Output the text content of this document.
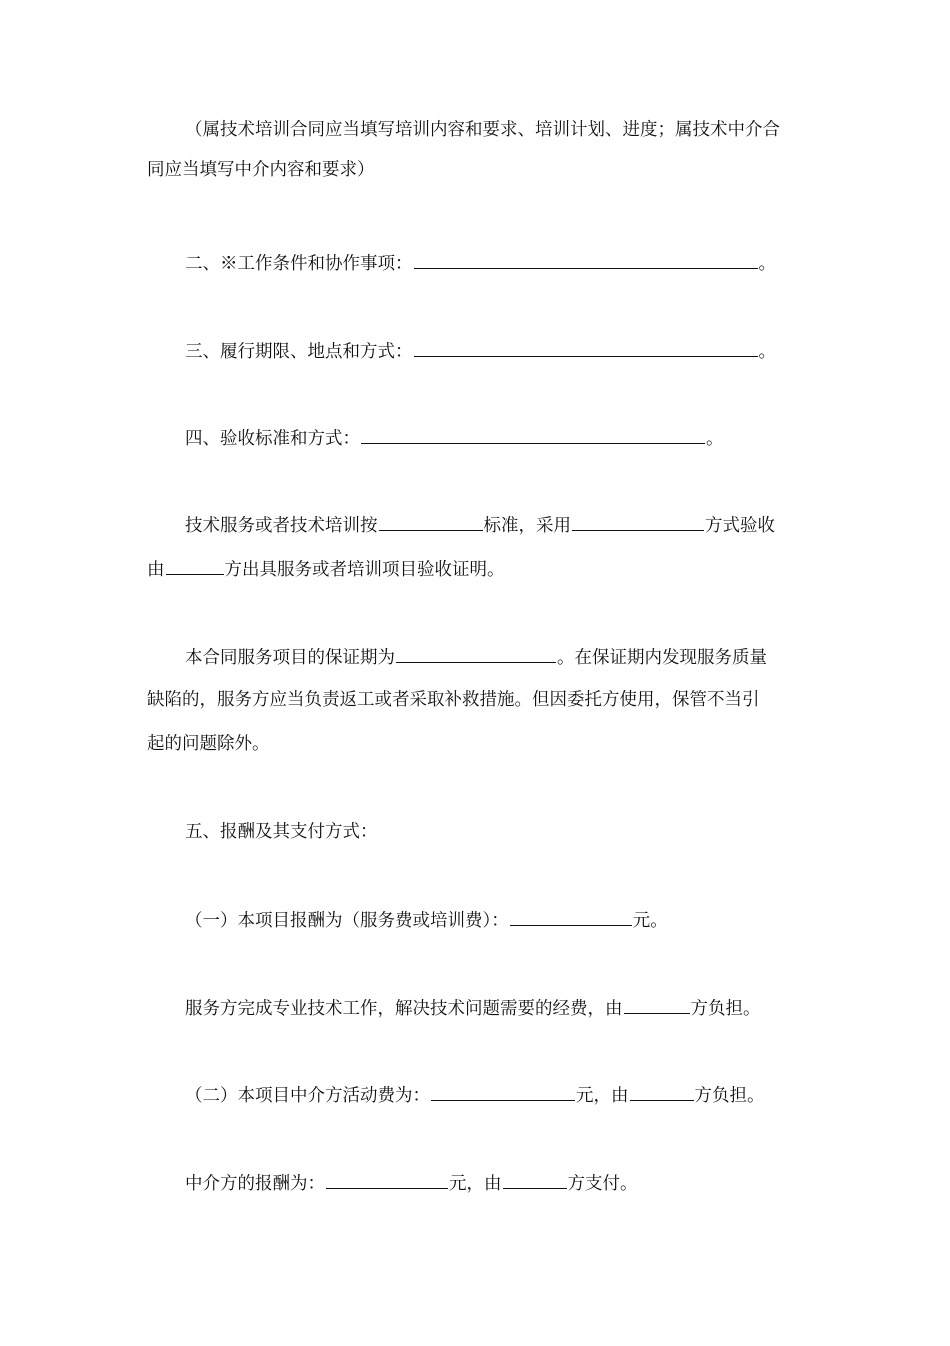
（属技术培训合同应当填写培训内容和要求、培训计划、进度；属技术中介合
同应当填写中介内容和要求）
二、※工作条件和协作事项：	。
三、履行期限、地点和方式：	。
四、验收标准和方式：	。
技术服务或者技术培训按	标准，采用	方式验收
由	方出具服务或者培训项目验收证明。
本合同服务项目的保证期为	。在保证期内发现服务质量
缺陷的，服务方应当负责返工或者采取补救措施。但因委托方使用，保管不当引
起的问题除外。
五、报酬及其支付方式：
（一）本项目报酬为（服务费或培训费）：	元。
服务方完成专业技术工作，解决技术问题需要的经费，由	方负担。
（二）本项目中介方活动费为：	元，由	方负担。
中介方的报酬为：	元，由	方支付。
